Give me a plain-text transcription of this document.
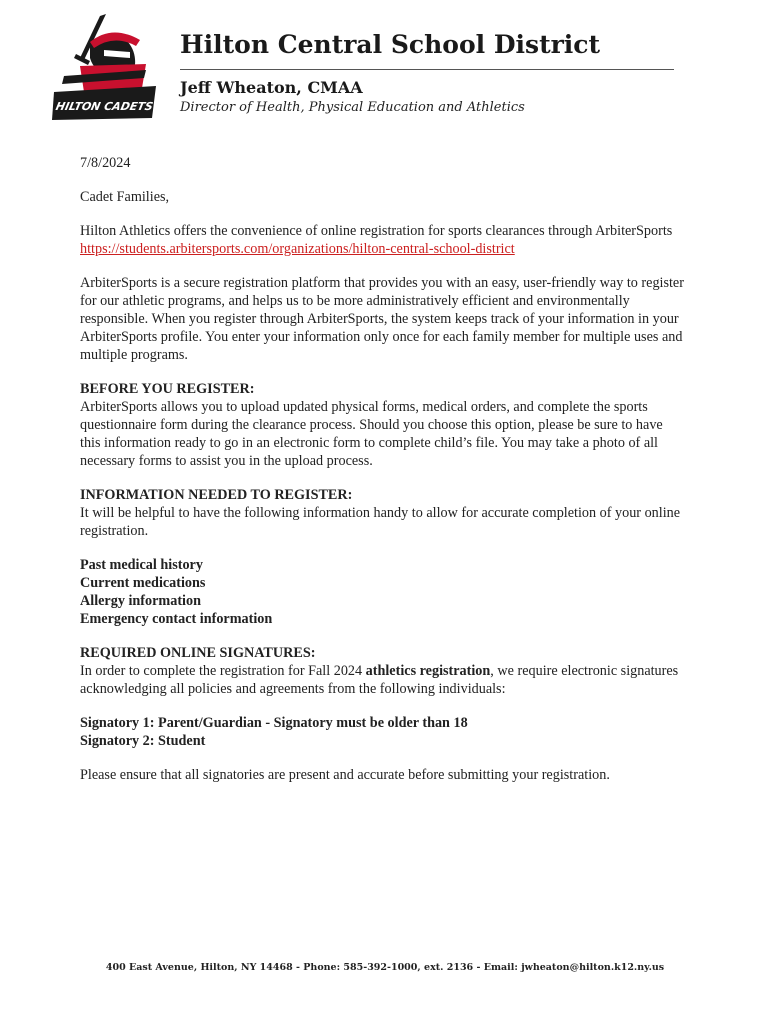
HILTON CADETS
Hilton Central School District
Jeff Wheaton, CMAA
Director of Health, Physical Education and Athletics

7/8/2024

Cadet Families,

Hilton Athletics offers the convenience of online registration for sports clearances through ArbiterSports https://students.arbitersports.com/organizations/hilton-central-school-district

ArbiterSports is a secure registration platform that provides you with an easy, user-friendly way to register for our athletic programs, and helps us to be more administratively efficient and environmentally responsible. When you register through ArbiterSports, the system keeps track of your information in your ArbiterSports profile. You enter your information only once for each family member for multiple uses and multiple programs.

BEFORE YOU REGISTER:
ArbiterSports allows you to upload updated physical forms, medical orders, and complete the sports questionnaire form during the clearance process. Should you choose this option, please be sure to have this information ready to go in an electronic form to complete child’s file. You may take a photo of all necessary forms to assist you in the upload process.

INFORMATION NEEDED TO REGISTER:
It will be helpful to have the following information handy to allow for accurate completion of your online registration.

Past medical history
Current medications
Allergy information
Emergency contact information

REQUIRED ONLINE SIGNATURES:
In order to complete the registration for Fall 2024 athletics registration, we require electronic signatures acknowledging all policies and agreements from the following individuals:

Signatory 1: Parent/Guardian - Signatory must be older than 18
Signatory 2: Student

Please ensure that all signatories are present and accurate before submitting your registration.

400 East Avenue, Hilton, NY 14468 - Phone: 585-392-1000, ext. 2136 - Email: jwheaton@hilton.k12.ny.us
